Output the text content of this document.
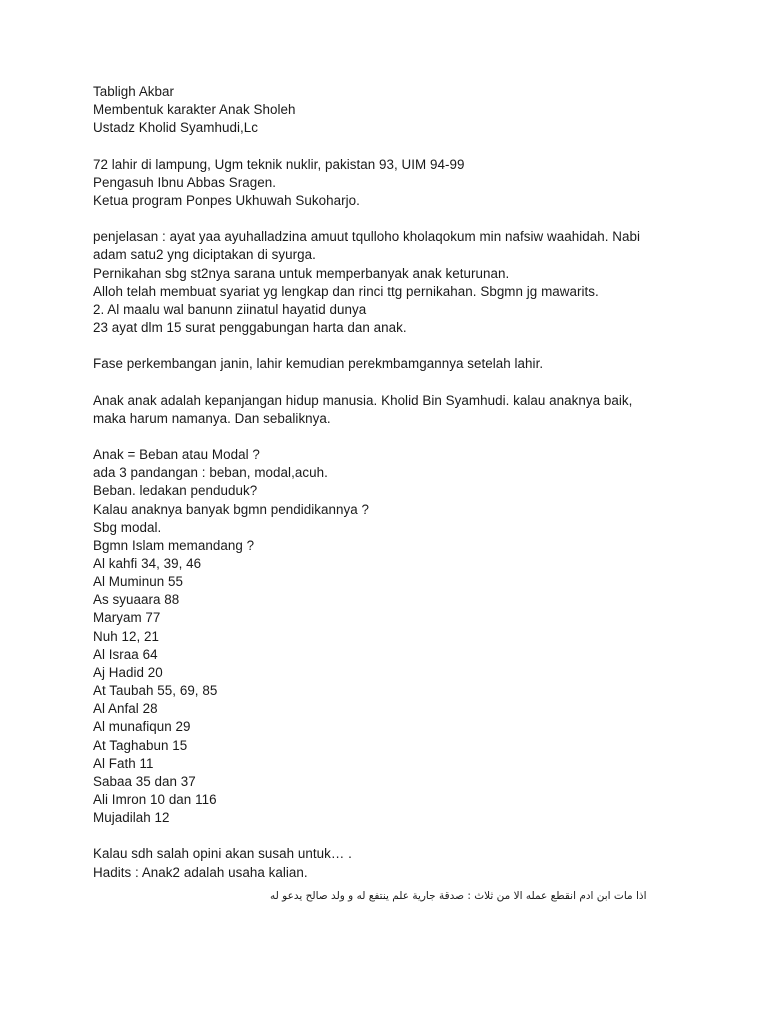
Tabligh Akbar
Membentuk karakter Anak Sholeh
Ustadz Kholid Syamhudi,Lc
72 lahir di lampung, Ugm teknik nuklir, pakistan 93, UIM 94-99
Pengasuh Ibnu Abbas Sragen.
Ketua program Ponpes Ukhuwah Sukoharjo.
penjelasan : ayat yaa ayuhalladzina amuut tqulloho kholaqokum min nafsiw waahidah. Nabi
adam satu2 yng diciptakan di syurga.
Pernikahan sbg st2nya sarana untuk memperbanyak anak keturunan.
Alloh telah membuat syariat yg lengkap dan rinci ttg pernikahan. Sbgmn jg mawarits.
2. Al maalu wal banunn ziinatul hayatid dunya
23 ayat dlm 15 surat penggabungan harta dan anak.
Fase perkembangan janin, lahir kemudian perekmbamgannya setelah lahir.
Anak anak adalah kepanjangan hidup manusia. Kholid Bin Syamhudi. kalau anaknya baik,
maka harum namanya. Dan sebaliknya.
Anak = Beban atau Modal ?
ada 3 pandangan : beban, modal,acuh.
Beban. ledakan penduduk?
Kalau anaknya banyak bgmn pendidikannya ?
Sbg modal.
Bgmn Islam memandang ?
Al kahfi 34, 39, 46
Al Muminun 55
As syuaara 88
Maryam 77
Nuh 12, 21
Al Israa 64
Aj Hadid 20
At Taubah 55, 69, 85
Al Anfal 28
Al munafiqun 29
At Taghabun 15
Al Fath 11
Sabaa 35 dan 37
Ali Imron 10 dan 116
Mujadilah 12
Kalau sdh salah opini akan susah untuk… .
Hadits : Anak2 adalah usaha kalian.
اذا مات ابن ادم انقطع عمله الا من ثلاث : صدقة جارية علم ينتفع له و ولد صالح يدعو له
